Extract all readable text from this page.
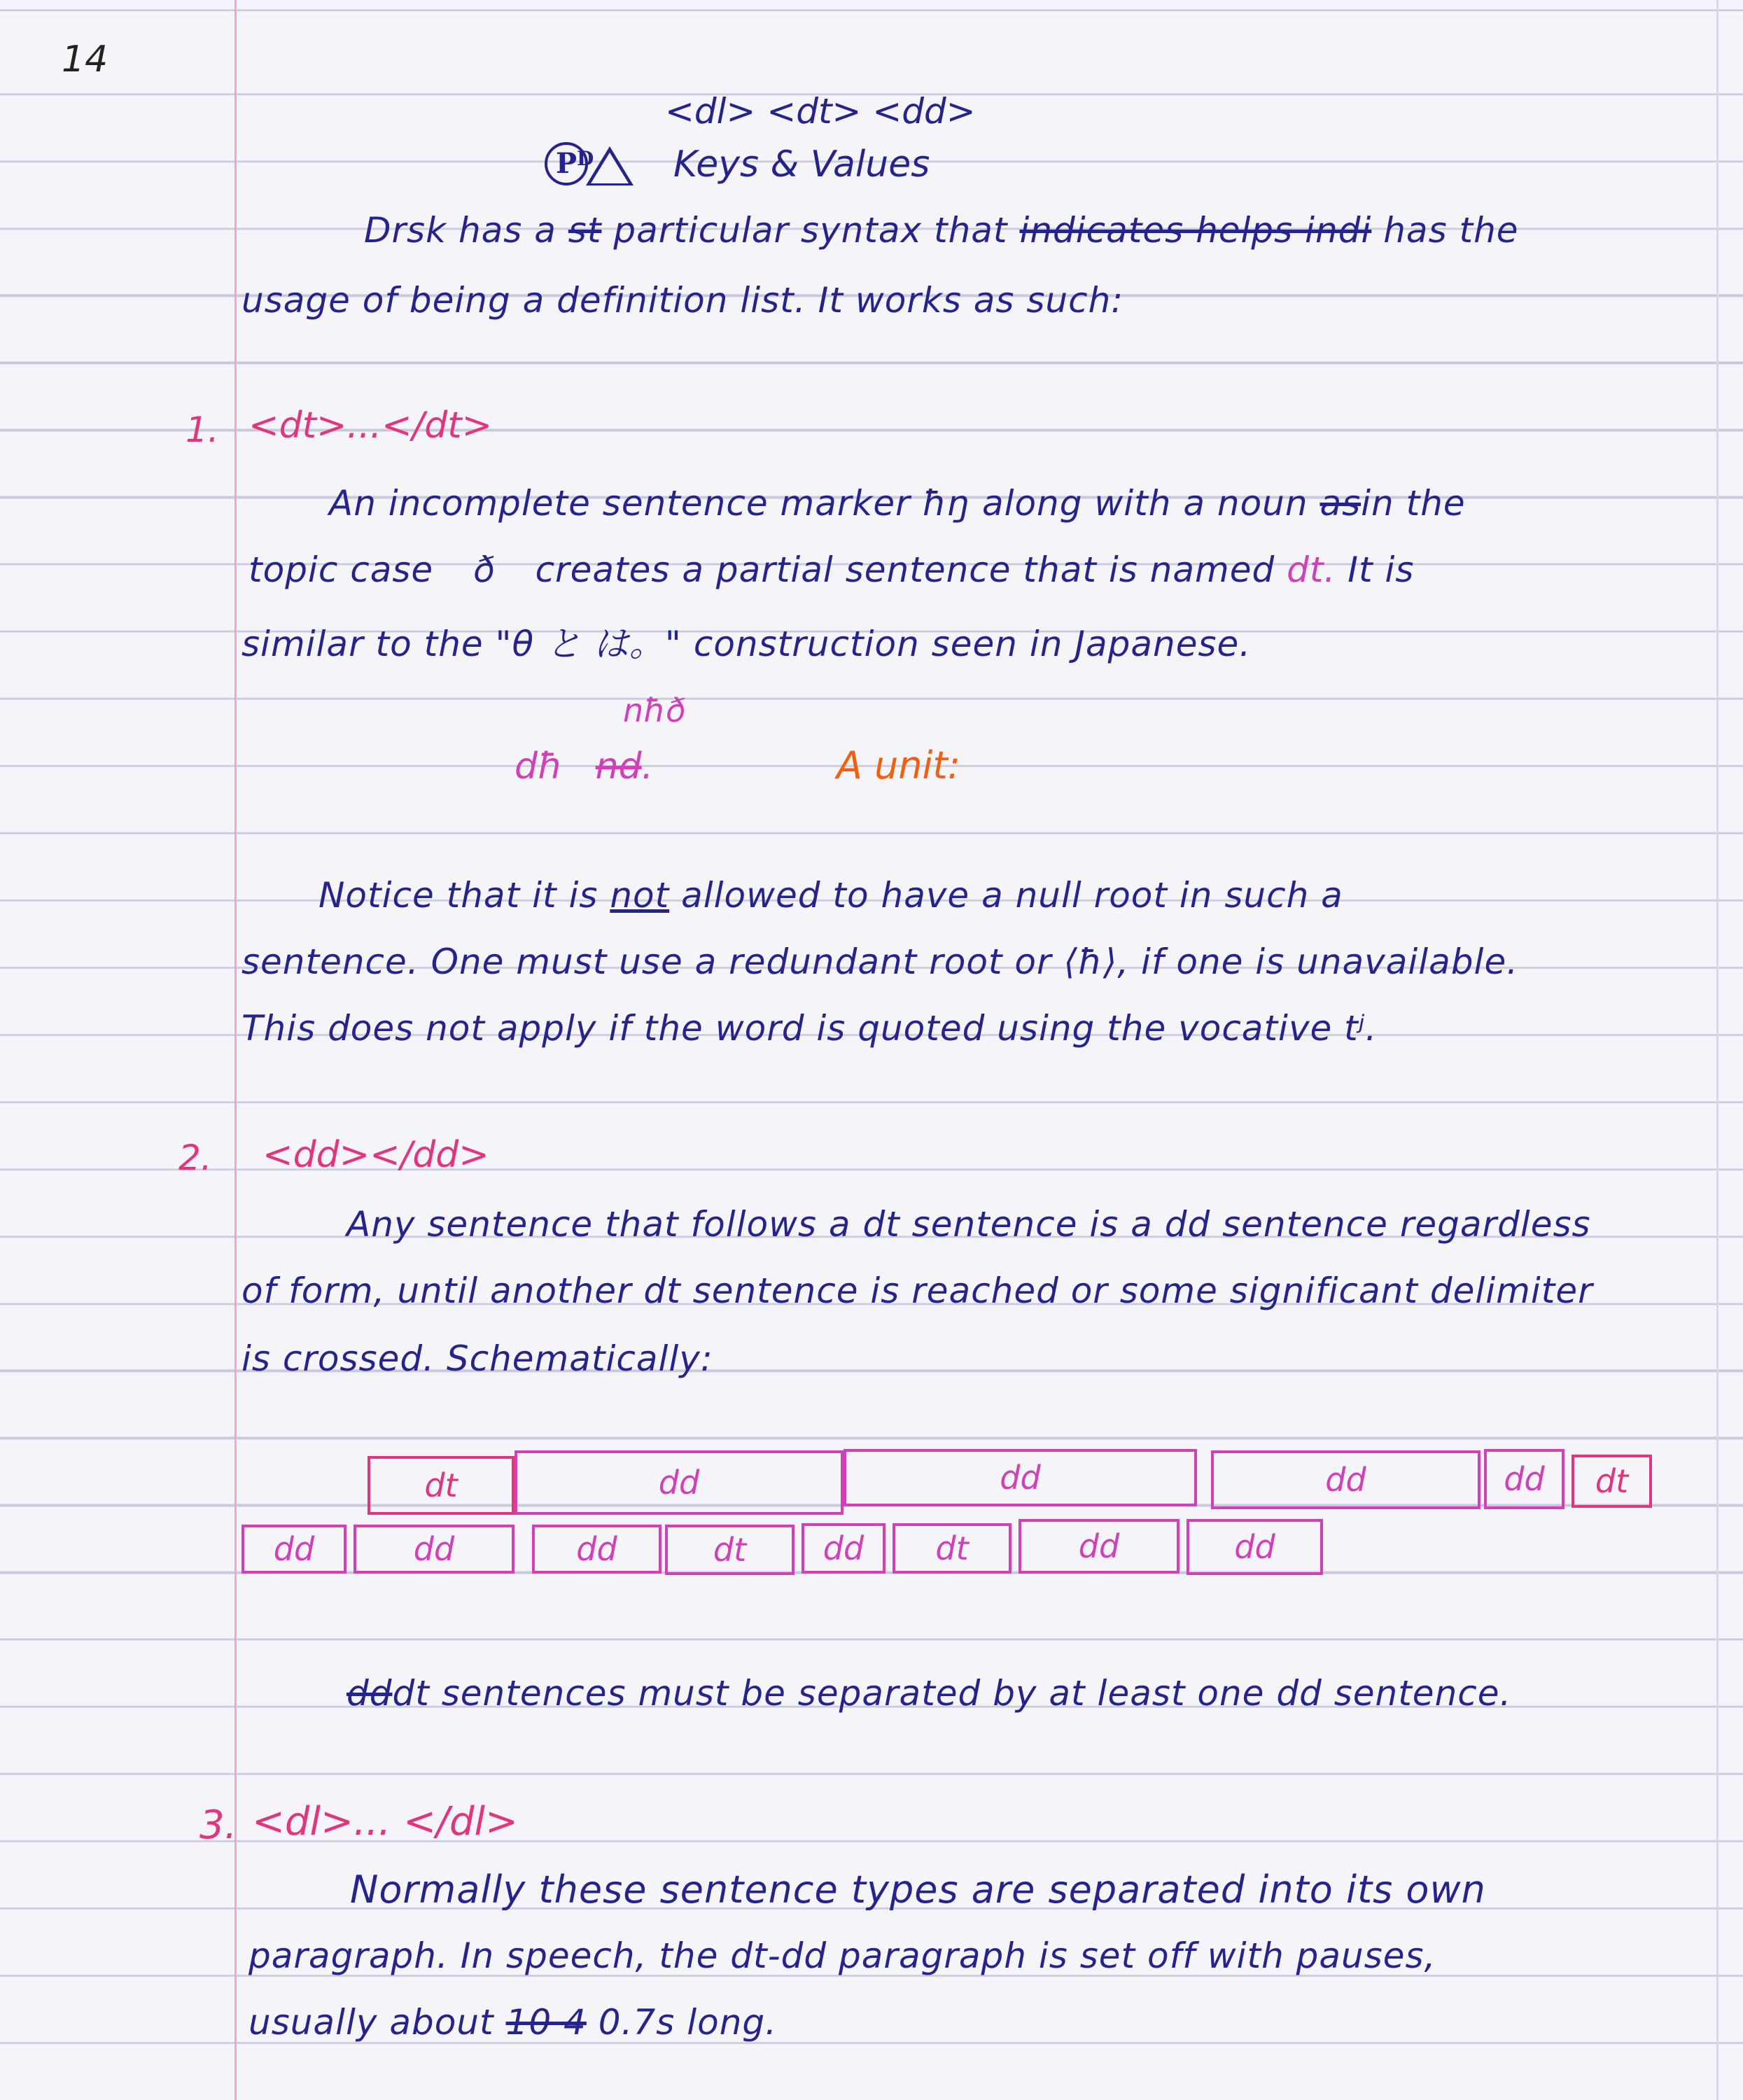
14
<dl> <dt> <dd>
P D Keys & Values
Drsk has a st particular syntax that indicates helps indi has the
usage of being a definition list. It works as such:
1. <dt>...</dt>
An incomplete sentence marker ħŋ along with a noun asin the
topic case ð creates a partial sentence that is named dt. It is
similar to the "θ と は。" construction seen in Japanese.
nħð
dħ nd.	A unit:
Notice that it is not allowed to have a null root in such a
sentence. One must use a redundant root or ⟨ħ⟩, if one is unavailable.
This does not apply if the word is quoted using the vocative tʲ.
2. <dd></dd>
Any sentence that follows a dt sentence is a dd sentence regardless
of form, until another dt sentence is reached or some significant delimiter
is crossed. Schematically:
dt	dd	dd	dd	dd	dt
dd	dd	dd	dt	dd	dt	dd	dd
dddt sentences must be separated by at least one dd sentence.
3. <dl>... </dl>
Normally these sentence types are separated into its own
paragraph. In speech, the dt-dd paragraph is set off with pauses,
usually about 10 4 0.7s long.
